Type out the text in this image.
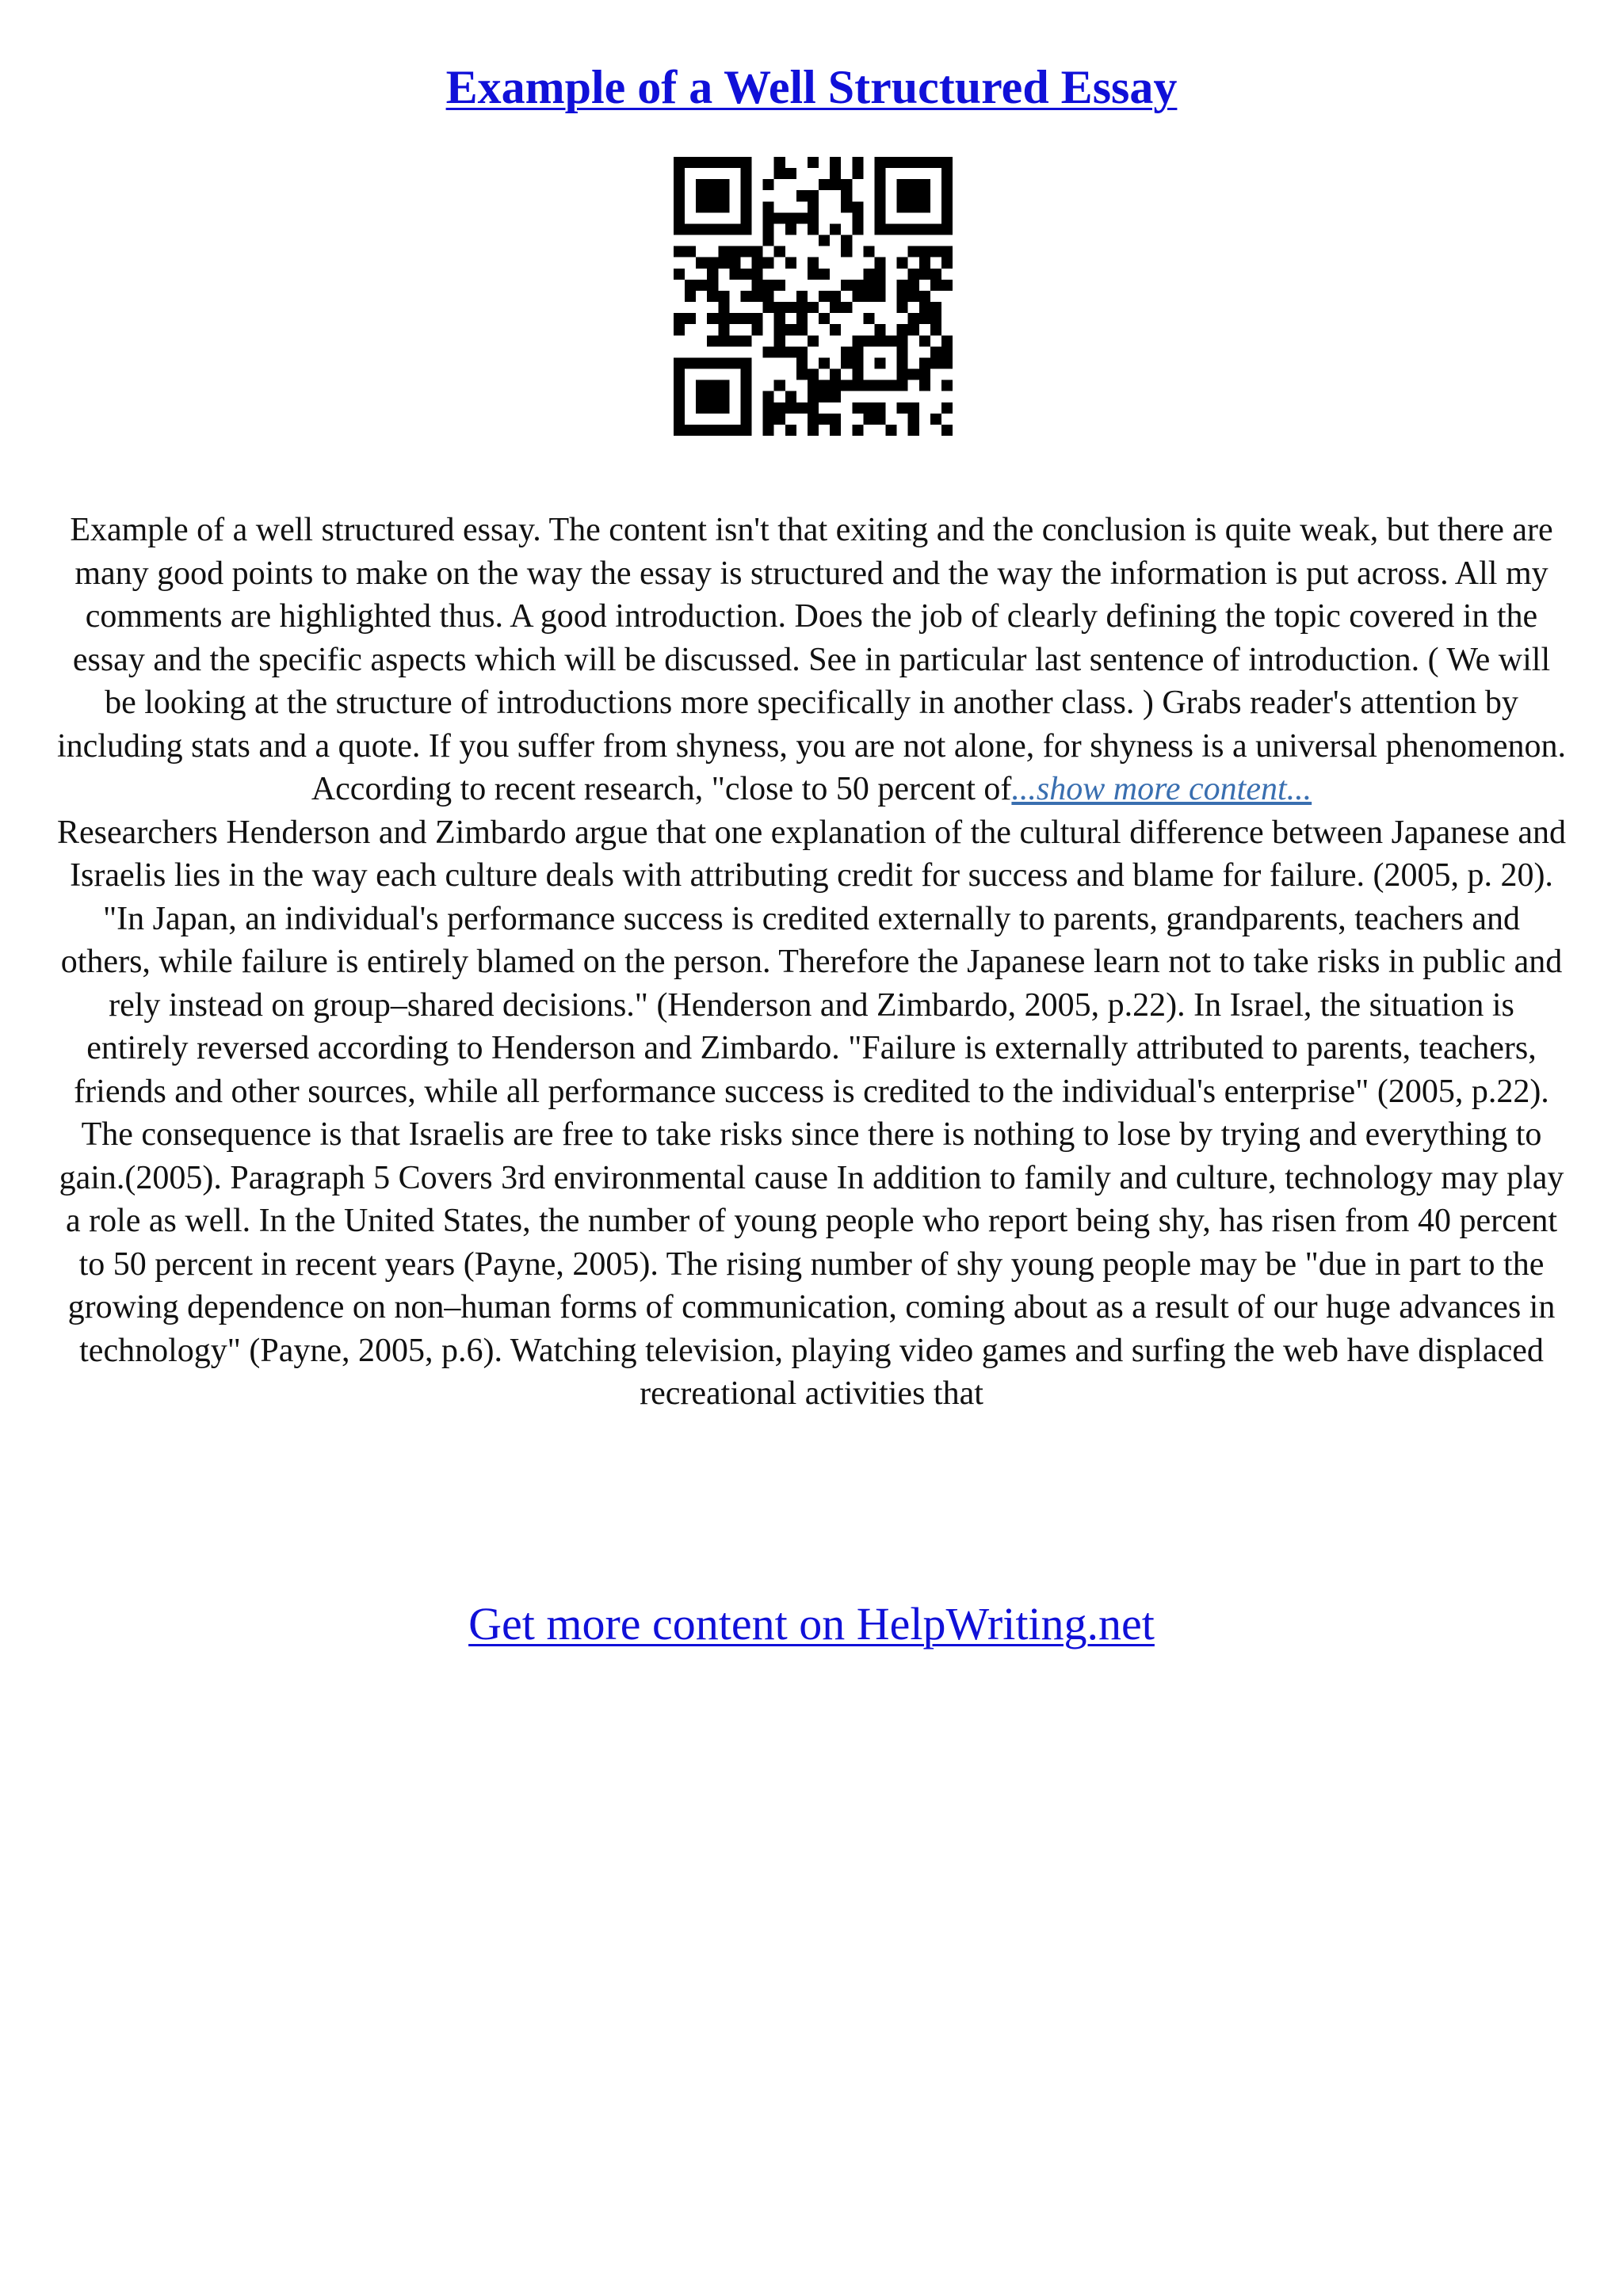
Example of a Well Structured Essay

Example of a well structured essay. The content isn't that exiting and the conclusion is quite weak, but there are many good points to make on the way the essay is structured and the way the information is put across. All my comments are highlighted thus. A good introduction. Does the job of clearly defining the topic covered in the essay and the specific aspects which will be discussed. See in particular last sentence of introduction. ( We will be looking at the structure of introductions more specifically in another class. ) Grabs reader's attention by including stats and a quote. If you suffer from shyness, you are not alone, for shyness is a universal phenomenon. According to recent research, "close to 50 percent of...show more content...
Researchers Henderson and Zimbardo argue that one explanation of the cultural difference between Japanese and Israelis lies in the way each culture deals with attributing credit for success and blame for failure. (2005, p. 20). "In Japan, an individual's performance success is credited externally to parents, grandparents, teachers and others, while failure is entirely blamed on the person. Therefore the Japanese learn not to take risks in public and rely instead on group–shared decisions." (Henderson and Zimbardo, 2005, p.22). In Israel, the situation is entirely reversed according to Henderson and Zimbardo. "Failure is externally attributed to parents, teachers, friends and other sources, while all performance success is credited to the individual's enterprise" (2005, p.22). The consequence is that Israelis are free to take risks since there is nothing to lose by trying and everything to gain.(2005). Paragraph 5 Covers 3rd environmental cause In addition to family and culture, technology may play a role as well. In the United States, the number of young people who report being shy, has risen from 40 percent to 50 percent in recent years (Payne, 2005). The rising number of shy young people may be "due in part to the growing dependence on non–human forms of communication, coming about as a result of our huge advances in technology" (Payne, 2005, p.6). Watching television, playing video games and surfing the web have displaced recreational activities that

Get more content on HelpWriting.net
